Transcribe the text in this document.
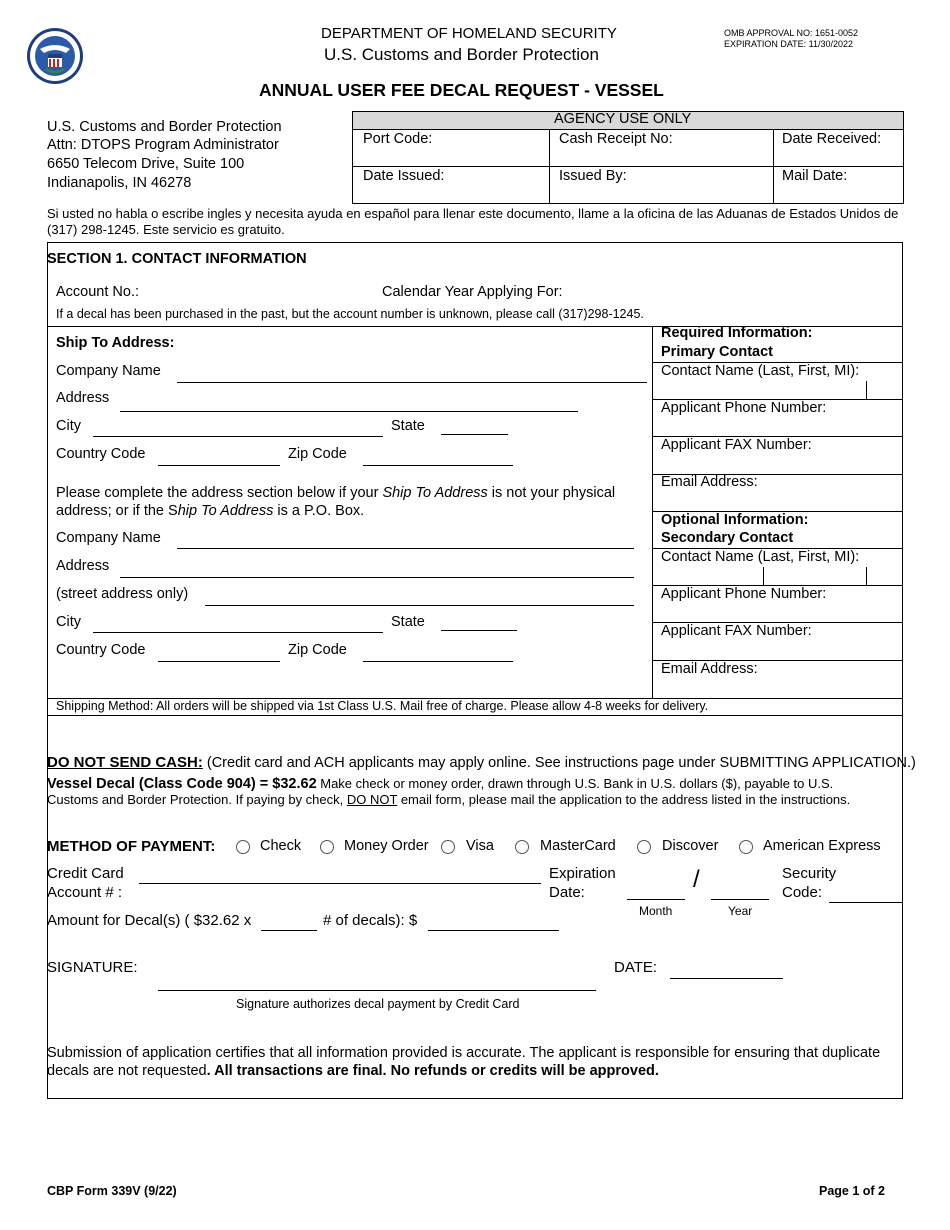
DEPARTMENT OF HOMELAND SECURITY
U.S. Customs and Border Protection
OMB APPROVAL NO: 1651-0052
EXPIRATION DATE: 11/30/2022
ANNUAL USER FEE DECAL REQUEST - VESSEL
U.S. Customs and Border Protection
Attn: DTOPS Program Administrator
6650 Telecom Drive, Suite 100
Indianapolis, IN 46278
AGENCY USE ONLY
Port Code:	Cash Receipt No:	Date Received:
Date Issued:	Issued By:	Mail Date:
Si usted no habla o escribe ingles y necesita ayuda en español para llenar este documento, llame a la oficina de las Aduanas de Estados Unidos de (317) 298-1245. Este servicio es gratuito.
SECTION 1. CONTACT INFORMATION
Account No.:	Calendar Year Applying For:
If a decal has been purchased in the past, but the account number is unknown, please call (317)298-1245.
Ship To Address:
Company Name
Address
City	State
Country Code	Zip Code
Please complete the address section below if your Ship To Address is not your physical address; or if the Ship To Address is a P.O. Box.
Company Name
Address
(street address only)
City	State
Country Code	Zip Code
Required Information:
Primary Contact
Contact Name (Last, First, MI):
Applicant Phone Number:
Applicant FAX Number:
Email Address:
Optional Information:
Secondary Contact
Contact Name (Last, First, MI):
Applicant Phone Number:
Applicant FAX Number:
Email Address:
Shipping Method: All orders will be shipped via 1st Class U.S. Mail free of charge. Please allow 4-8 weeks for delivery.
DO NOT SEND CASH: (Credit card and ACH applicants may apply online. See instructions page under SUBMITTING APPLICATION.)
Vessel Decal (Class Code 904) = $32.62 Make check or money order, drawn through U.S. Bank in U.S. dollars ($), payable to U.S. Customs and Border Protection. If paying by check, DO NOT email form, please mail the application to the address listed in the instructions.
METHOD OF PAYMENT:	Check	Money Order	Visa	MasterCard	Discover	American Express
Credit Card
Account # :
Expiration
Date:	/
Month	Year
Security
Code:
Amount for Decal(s) ( $32.62 x	# of decals): $
SIGNATURE:	DATE:
Signature authorizes decal payment by Credit Card
Submission of application certifies that all information provided is accurate. The applicant is responsible for ensuring that duplicate decals are not requested. All transactions are final. No refunds or credits will be approved.
CBP Form 339V (9/22)	Page 1 of 2
